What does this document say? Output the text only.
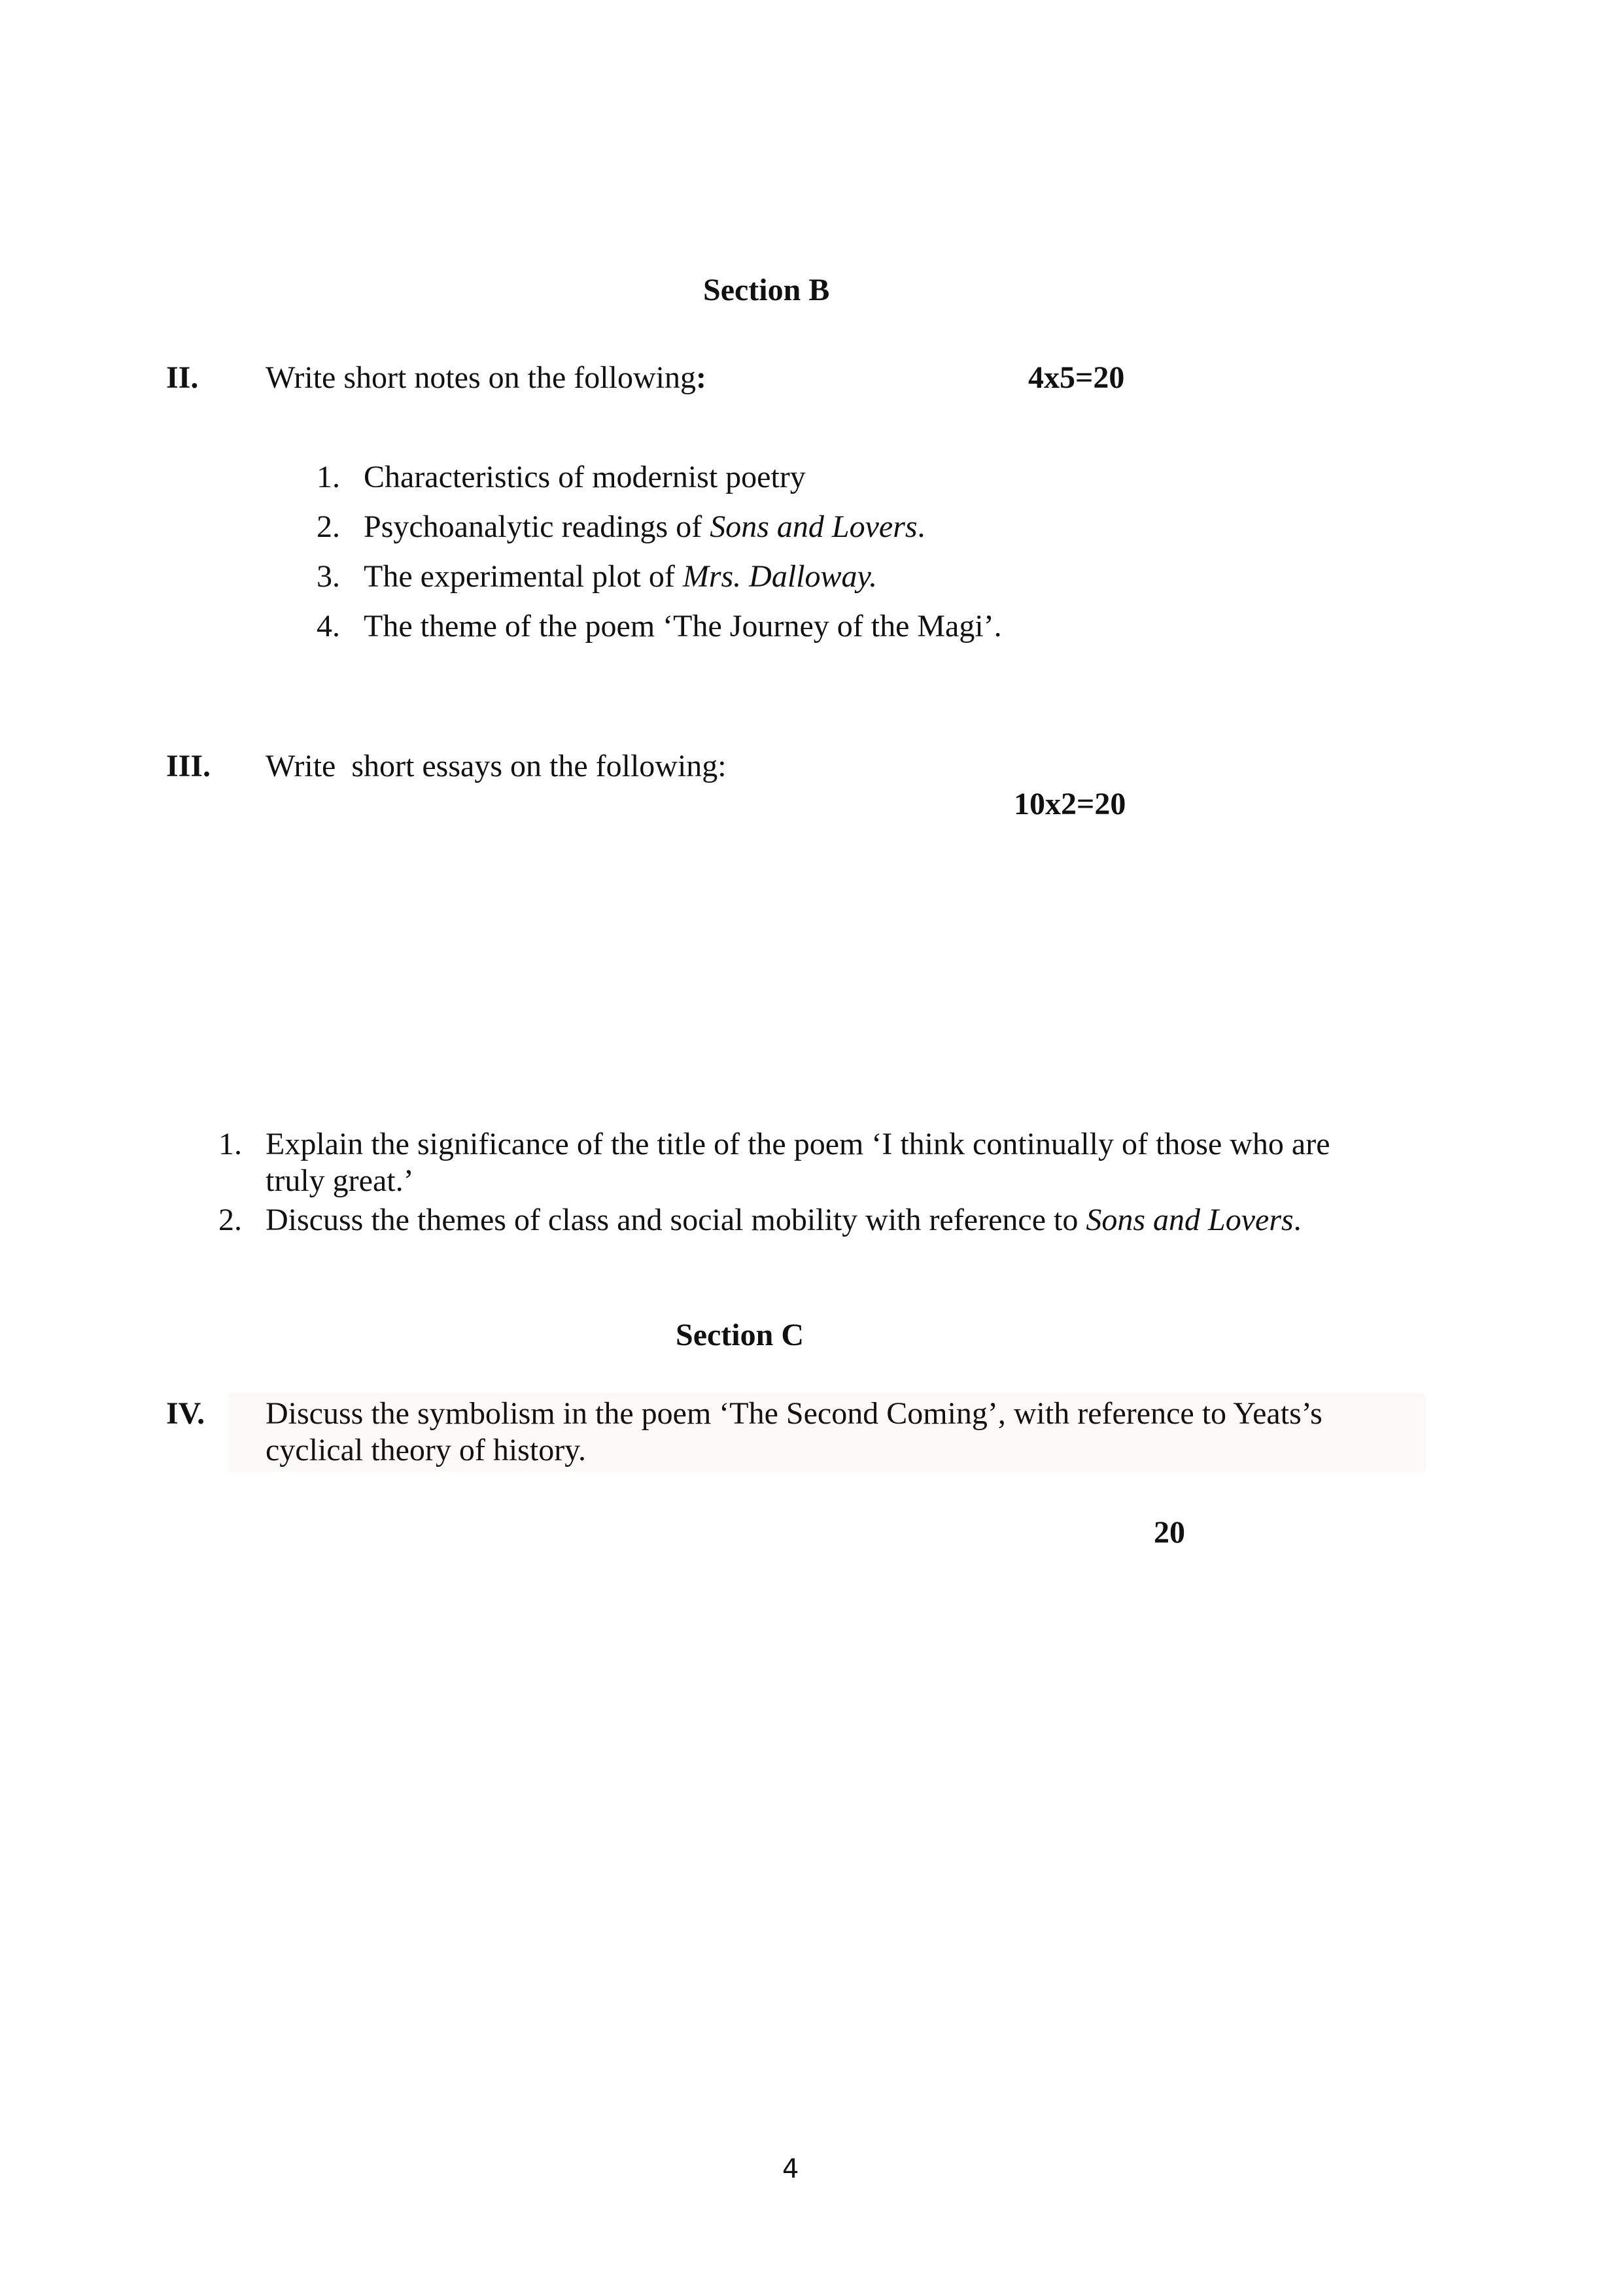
Section B
II. Write short notes on the following:	4x5=20
1. Characteristics of modernist poetry
2. Psychoanalytic readings of Sons and Lovers.
3. The experimental plot of Mrs. Dalloway.
4. The theme of the poem ‘The Journey of the Magi’.
III. Write  short essays on the following:
10x2=20
1. Explain the significance of the title of the poem ‘I think continually of those who are
truly great.’
2. Discuss the themes of class and social mobility with reference to Sons and Lovers.
Section C
IV. Discuss the symbolism in the poem ‘The Second Coming’, with reference to Yeats’s
cyclical theory of history.
20
4
